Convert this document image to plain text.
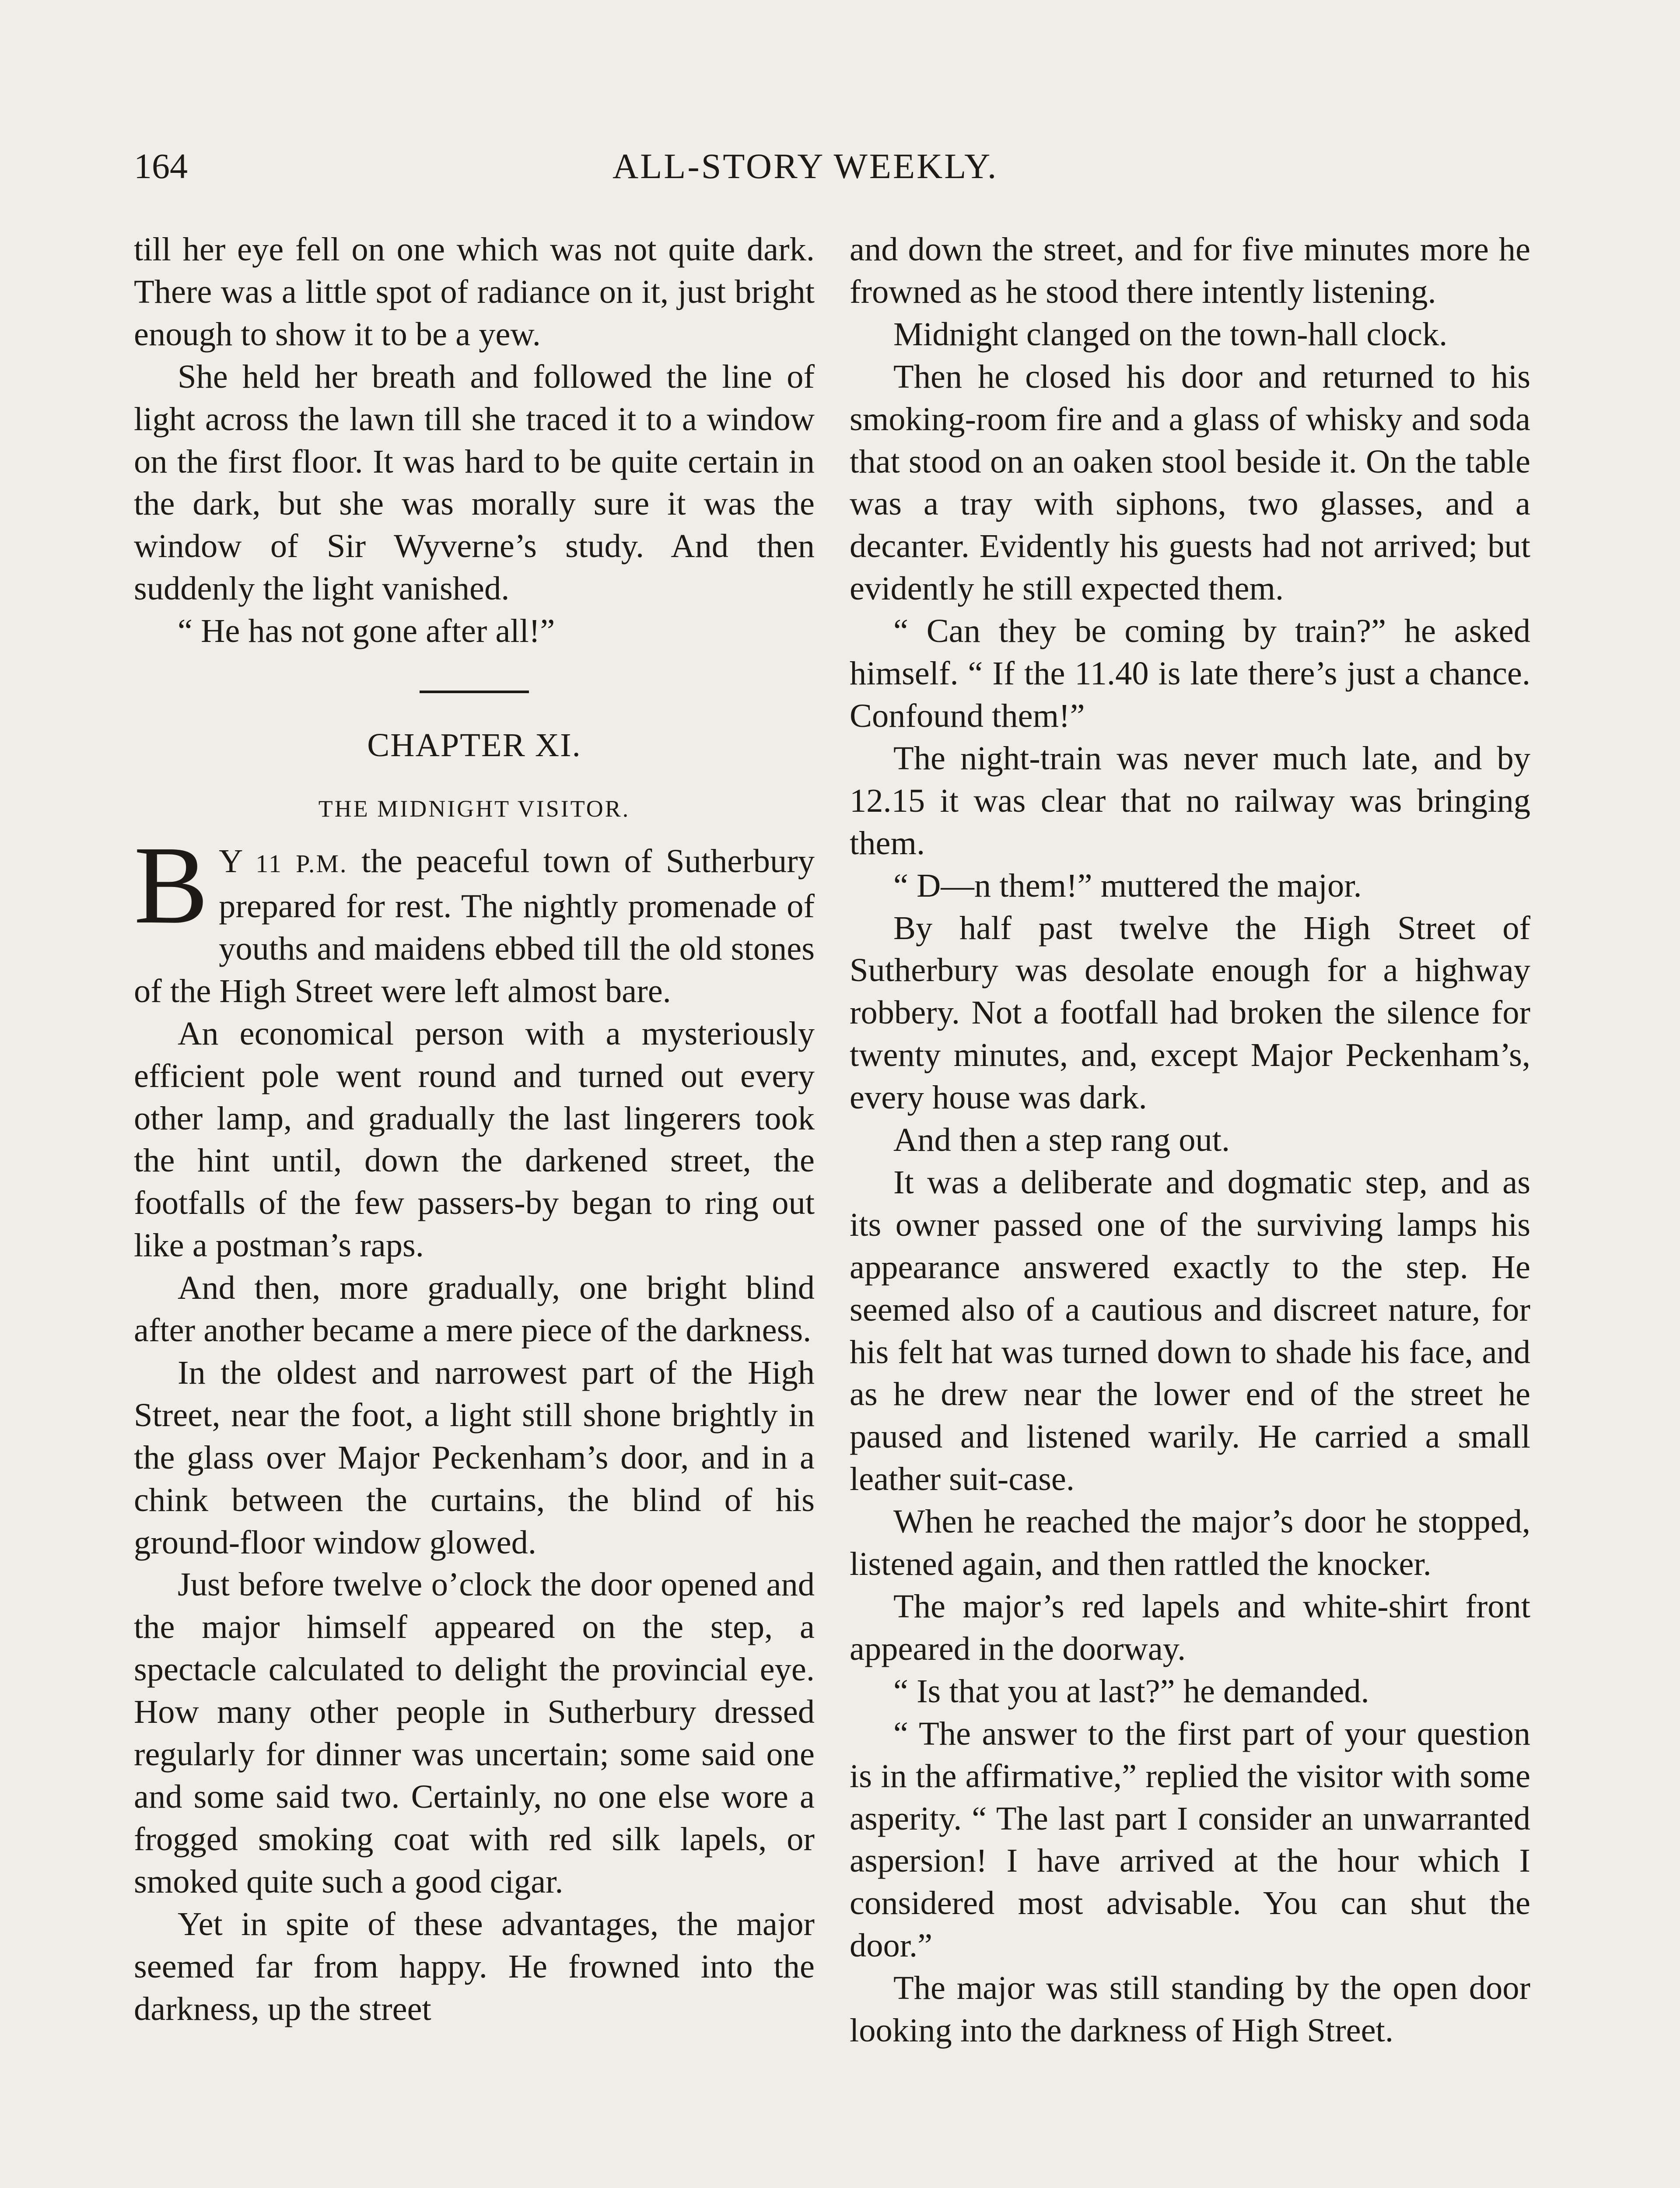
164	ALL-STORY WEEKLY.

till her eye fell on one which was not quite dark. There was a little spot of radiance on it, just bright enough to show it to be a yew.

She held her breath and followed the line of light across the lawn till she traced it to a window on the first floor. It was hard to be quite certain in the dark, but she was morally sure it was the window of Sir Wyverne’s study. And then suddenly the light vanished.

“ He has not gone after all!”

CHAPTER XI.
THE MIDNIGHT VISITOR.

B Y 11 P.M. the peaceful town of Sutherbury prepared for rest. The nightly promenade of youths and maidens ebbed till the old stones of the High Street were left almost bare.

An economical person with a mysteriously efficient pole went round and turned out every other lamp, and gradually the last lingerers took the hint until, down the darkened street, the footfalls of the few passers-by began to ring out like a postman’s raps.

And then, more gradually, one bright blind after another became a mere piece of the darkness.

In the oldest and narrowest part of the High Street, near the foot, a light still shone brightly in the glass over Major Peckenham’s door, and in a chink between the curtains, the blind of his ground-floor window glowed.

Just before twelve o’clock the door opened and the major himself appeared on the step, a spectacle calculated to delight the provincial eye. How many other people in Sutherbury dressed regularly for dinner was uncertain; some said one and some said two. Certainly, no one else wore a frogged smoking coat with red silk lapels, or smoked quite such a good cigar.

Yet in spite of these advantages, the major seemed far from happy. He frowned into the darkness, up the street

and down the street, and for five minutes more he frowned as he stood there intently listening.

Midnight clanged on the town-hall clock.

Then he closed his door and returned to his smoking-room fire and a glass of whisky and soda that stood on an oaken stool beside it. On the table was a tray with siphons, two glasses, and a decanter. Evidently his guests had not arrived; but evidently he still expected them.

“ Can they be coming by train?” he asked himself. “ If the 11.40 is late there’s just a chance. Confound them!”

The night-train was never much late, and by 12.15 it was clear that no railway was bringing them.

“ D—n them!” muttered the major.

By half past twelve the High Street of Sutherbury was desolate enough for a highway robbery. Not a footfall had broken the silence for twenty minutes, and, except Major Peckenham’s, every house was dark.

And then a step rang out.

It was a deliberate and dogmatic step, and as its owner passed one of the surviving lamps his appearance answered exactly to the step. He seemed also of a cautious and discreet nature, for his felt hat was turned down to shade his face, and as he drew near the lower end of the street he paused and listened warily. He carried a small leather suit-case.

When he reached the major’s door he stopped, listened again, and then rattled the knocker.

The major’s red lapels and white-shirt front appeared in the doorway.

“ Is that you at last?” he demanded.

“ The answer to the first part of your question is in the affirmative,” replied the visitor with some asperity. “ The last part I consider an unwarranted aspersion! I have arrived at the hour which I considered most advisable. You can shut the door.”

The major was still standing by the open door looking into the darkness of High Street.
